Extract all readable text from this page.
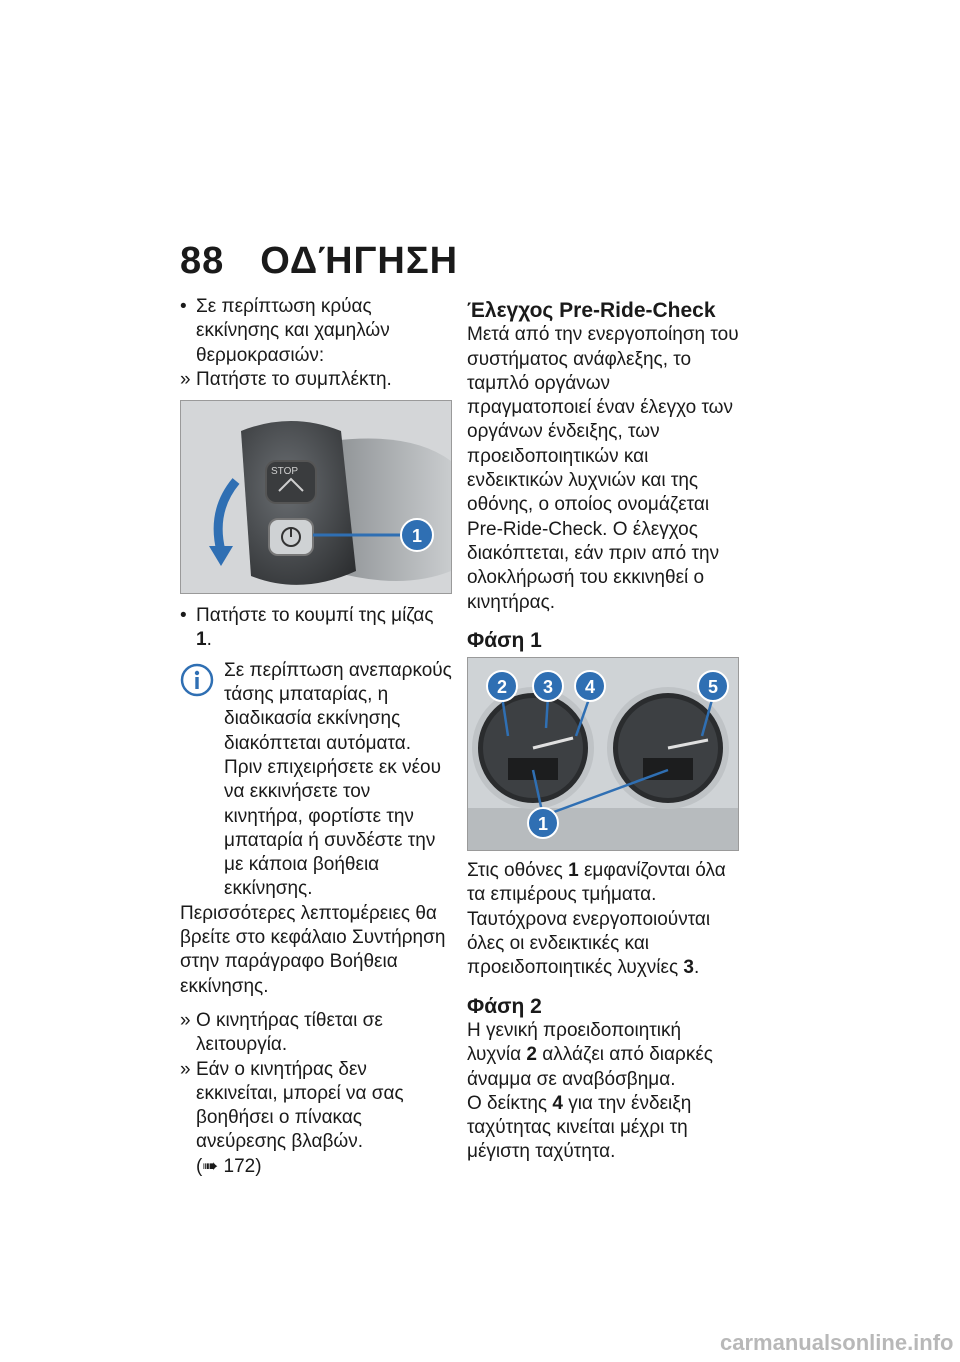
88 ΟΔΉΓΗΣΗ
• Σε περίπτωση κρύας εκκίνησης και χαμηλών θερμοκρασιών:
» Πατήστε το συμπλέκτη.
STOP
1
• Πατήστε το κουμπί της μίζας 1.
Σε περίπτωση ανεπαρκούς τάσης μπαταρίας, η διαδικασία εκκίνησης διακόπτεται αυτόματα. Πριν επιχειρήσετε εκ νέου να εκκινήσετε τον κινητήρα, φορτίστε την μπαταρία ή συνδέστε την με κάποια βοήθεια εκκίνησης.
Περισσότερες λεπτομέρειες θα βρείτε στο κεφάλαιο Συντήρηση στην παράγραφο Βοήθεια εκκίνησης.
» Ο κινητήρας τίθεται σε λειτουργία.
» Εάν ο κινητήρας δεν εκκινείται, μπορεί να σας βοηθήσει ο πίνακας ανεύρεσης βλαβών.
(➠ 172)
Έλεγχος Pre-Ride-Check
Μετά από την ενεργοποίηση του συστήματος ανάφλεξης, το ταμπλό οργάνων πραγματοποιεί έναν έλεγχο των οργάνων ένδειξης, των προειδοποιητικών και ενδεικτικών λυχνιών και της οθόνης, ο οποίος ονομάζεται Pre-Ride-Check. Ο έλεγχος διακόπτεται, εάν πριν από την ολοκλήρωσή του εκκινηθεί ο κινητήρας.
Φάση 1
2 3 4	5
1
Στις οθόνες 1 εμφανίζονται όλα τα επιμέρους τμήματα. Ταυτόχρονα ενεργοποιούνται όλες οι ενδεικτικές και προειδοποιητικές λυχνίες 3.
Φάση 2
Η γενική προειδοποιητική λυχνία 2 αλλάζει από διαρκές άναμμα σε αναβόσβημα.
Ο δείκτης 4 για την ένδειξη ταχύτητας κινείται μέχρι τη μέγιστη ταχύτητα.
carmanualsonline.info
